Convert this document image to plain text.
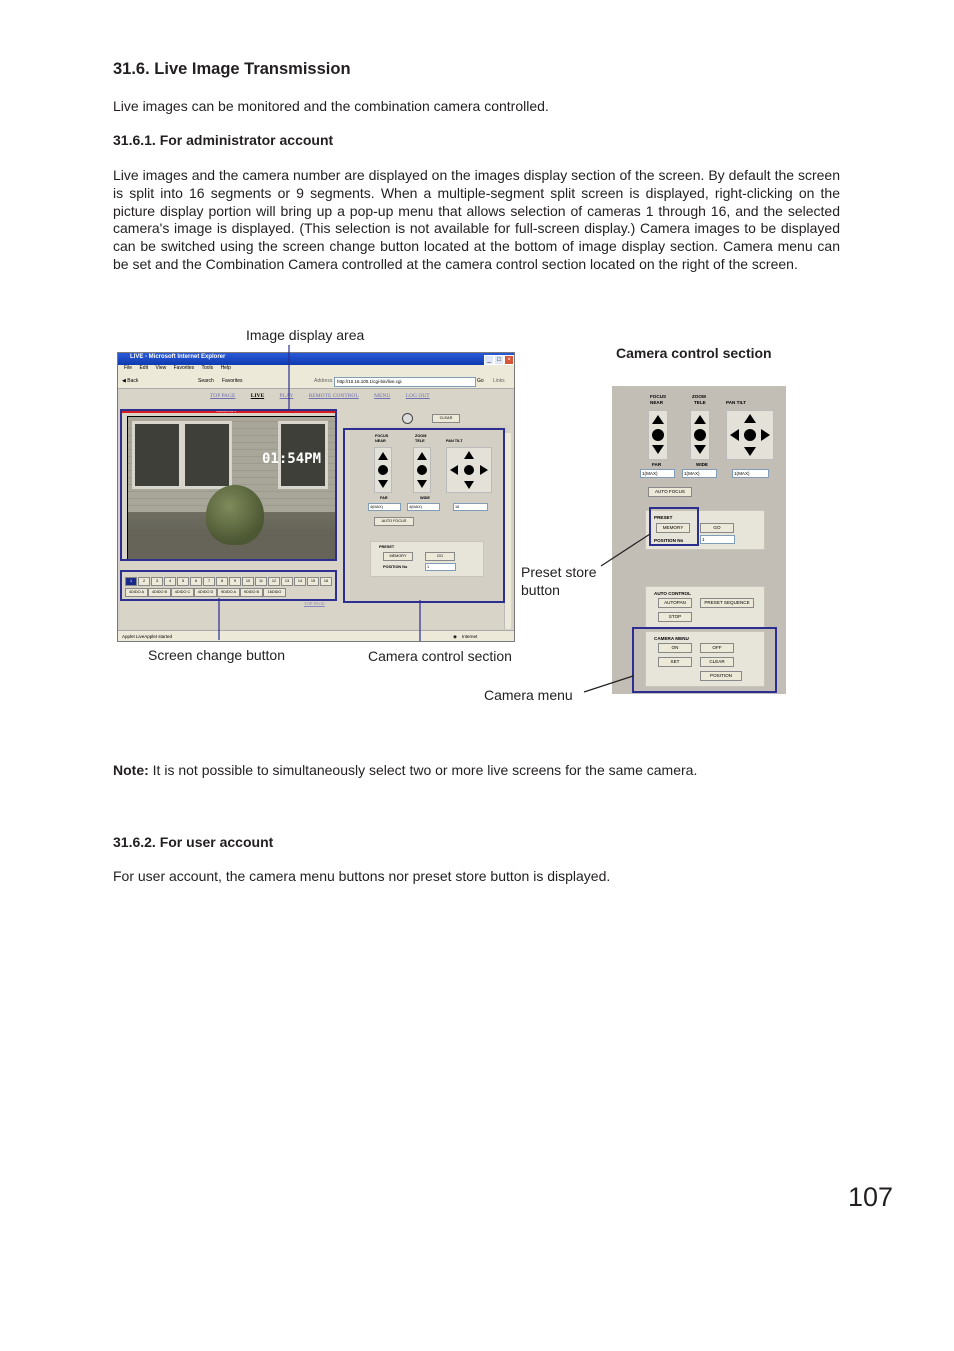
31.6. Live Image Transmission

Live images can be monitored and the combination camera controlled.

31.6.1. For administrator account

Live images and the camera number are displayed on the images display section of the screen. By default the screen is split into 16 segments or 9 segments. When a multiple-segment split screen is displayed, right-clicking on the picture display portion will bring up a pop-up menu that allows selection of cameras 1 through 16, and the selected camera's image is displayed. (This selection is not available for full-screen display.) Camera images to be displayed can be switched using the screen change button located at the bottom of image display section. Camera menu can be set and the Combination Camera controlled at the camera control section located on the right of the screen.

Image display area
Camera control section
Preset store button
Screen change button	Camera control section
Camera menu
LIVE - Microsoft Internet Explorer	_	□	×
File Edit View Favorites Tools Help
◀ Back	Search Favorites	Address	http://10.16.100.1/cgi-bin/live.cgi	Go Links
TOP PAGE	LIVE	PLAY	REMOTE CONTROL	MENU	LOG OUT
CAMERA 1
01:54PM
CLEAR
FOCUS
NEAR
ZOOM
TELE	PAN TILT
FAR	WIDE
4(MAX)	4(MAX)	16
AUTO FOCUS
PRESET
MEMORY	GO
POSITION No	1
1	2	3	4	5	6	7	8	9	10	11	12	13	14	15	16
4DIDO A	4DIDO B	4DIDO C	4DIDO D	9DIDO A	9DIDO B	16DIDO
TOP PAGE
Applet LiveApplet started	◉ Internet
FOCUS
NEAR
ZOOM
TELE	PAN TILT
FAR	WIDE
1(MAX)	1(MAX)	1(MAX)
AUTO FOCUS
PRESET
MEMORY	GO
POSITION No	1
AUTO CONTROL
AUTOPAN	PRESET SEQUENCE
STOP
CAMERA MENU
ON	OFF
SET	CLEAR
POSITION

Note: It is not possible to simultaneously select two or more live screens for the same camera.

31.6.2. For user account

For user account, the camera menu buttons nor preset store button is displayed.

107
